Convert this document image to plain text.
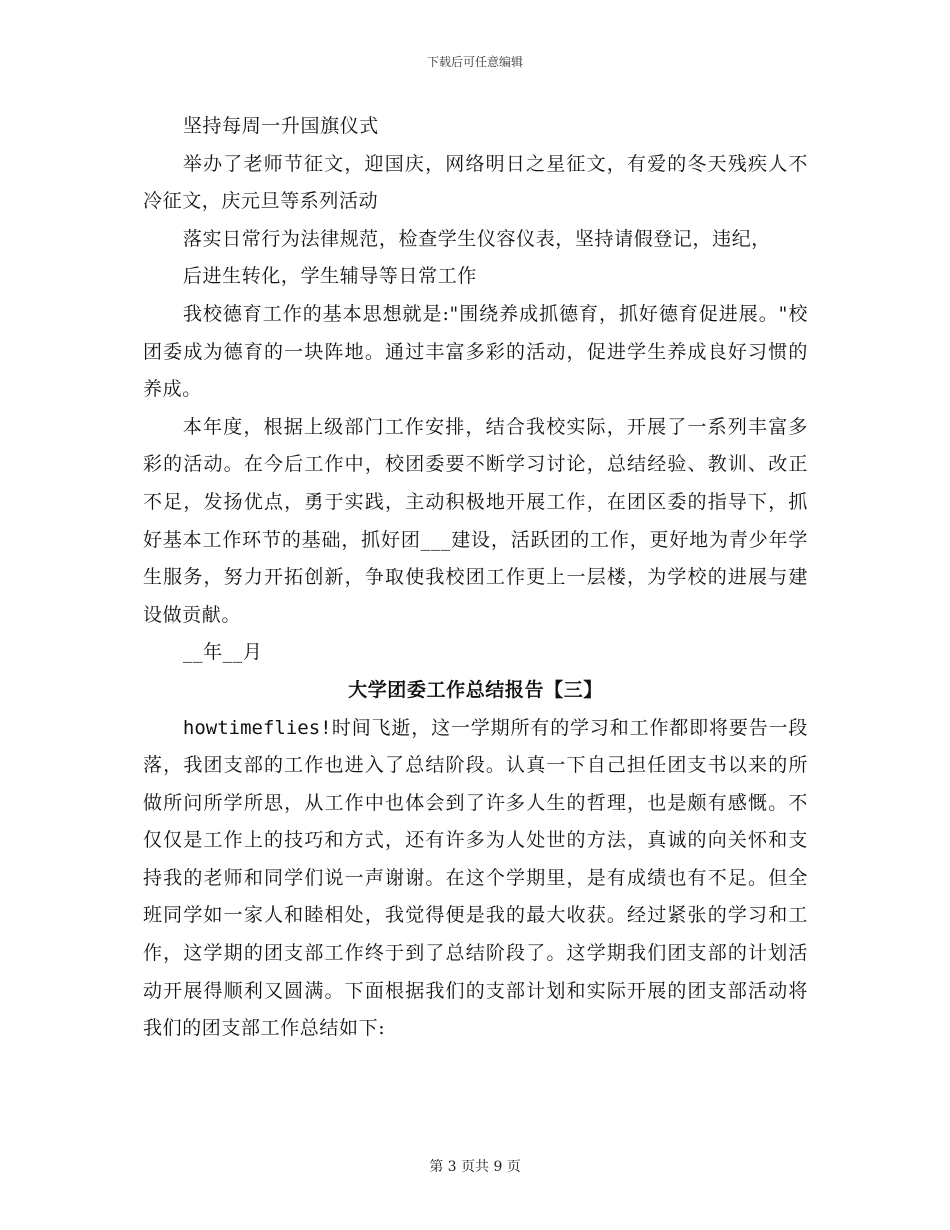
下载后可任意编辑

坚持每周一升国旗仪式

举办了老师节征文，迎国庆，网络明日之星征文，有爱的冬天残疾人不冷征文，庆元旦等系列活动

落实日常行为法律规范，检查学生仪容仪表，坚持请假登记，违纪，

后进生转化，学生辅导等日常工作

我校德育工作的基本思想就是:"围绕养成抓德育，抓好德育促进展。"校团委成为德育的一块阵地。通过丰富多彩的活动，促进学生养成良好习惯的养成。

本年度，根据上级部门工作安排，结合我校实际，开展了一系列丰富多彩的活动。在今后工作中，校团委要不断学习讨论，总结经验、教训、改正不足，发扬优点，勇于实践，主动积极地开展工作，在团区委的指导下，抓好基本工作环节的基础，抓好团___建设，活跃团的工作，更好地为青少年学生服务，努力开拓创新，争取使我校团工作更上一层楼，为学校的进展与建设做贡献。

__年__月

大学团委工作总结报告【三】

howtimeflies!时间飞逝，这一学期所有的学习和工作都即将要告一段落，我团支部的工作也进入了总结阶段。认真一下自己担任团支书以来的所做所问所学所思，从工作中也体会到了许多人生的哲理，也是颇有感慨。不仅仅是工作上的技巧和方式，还有许多为人处世的方法，真诚的向关怀和支持我的老师和同学们说一声谢谢。在这个学期里，是有成绩也有不足。但全班同学如一家人和睦相处，我觉得便是我的最大收获。经过紧张的学习和工作，这学期的团支部工作终于到了总结阶段了。这学期我们团支部的计划活动开展得顺利又圆满。下面根据我们的支部计划和实际开展的团支部活动将我们的团支部工作总结如下:

第 3 页共 9 页
